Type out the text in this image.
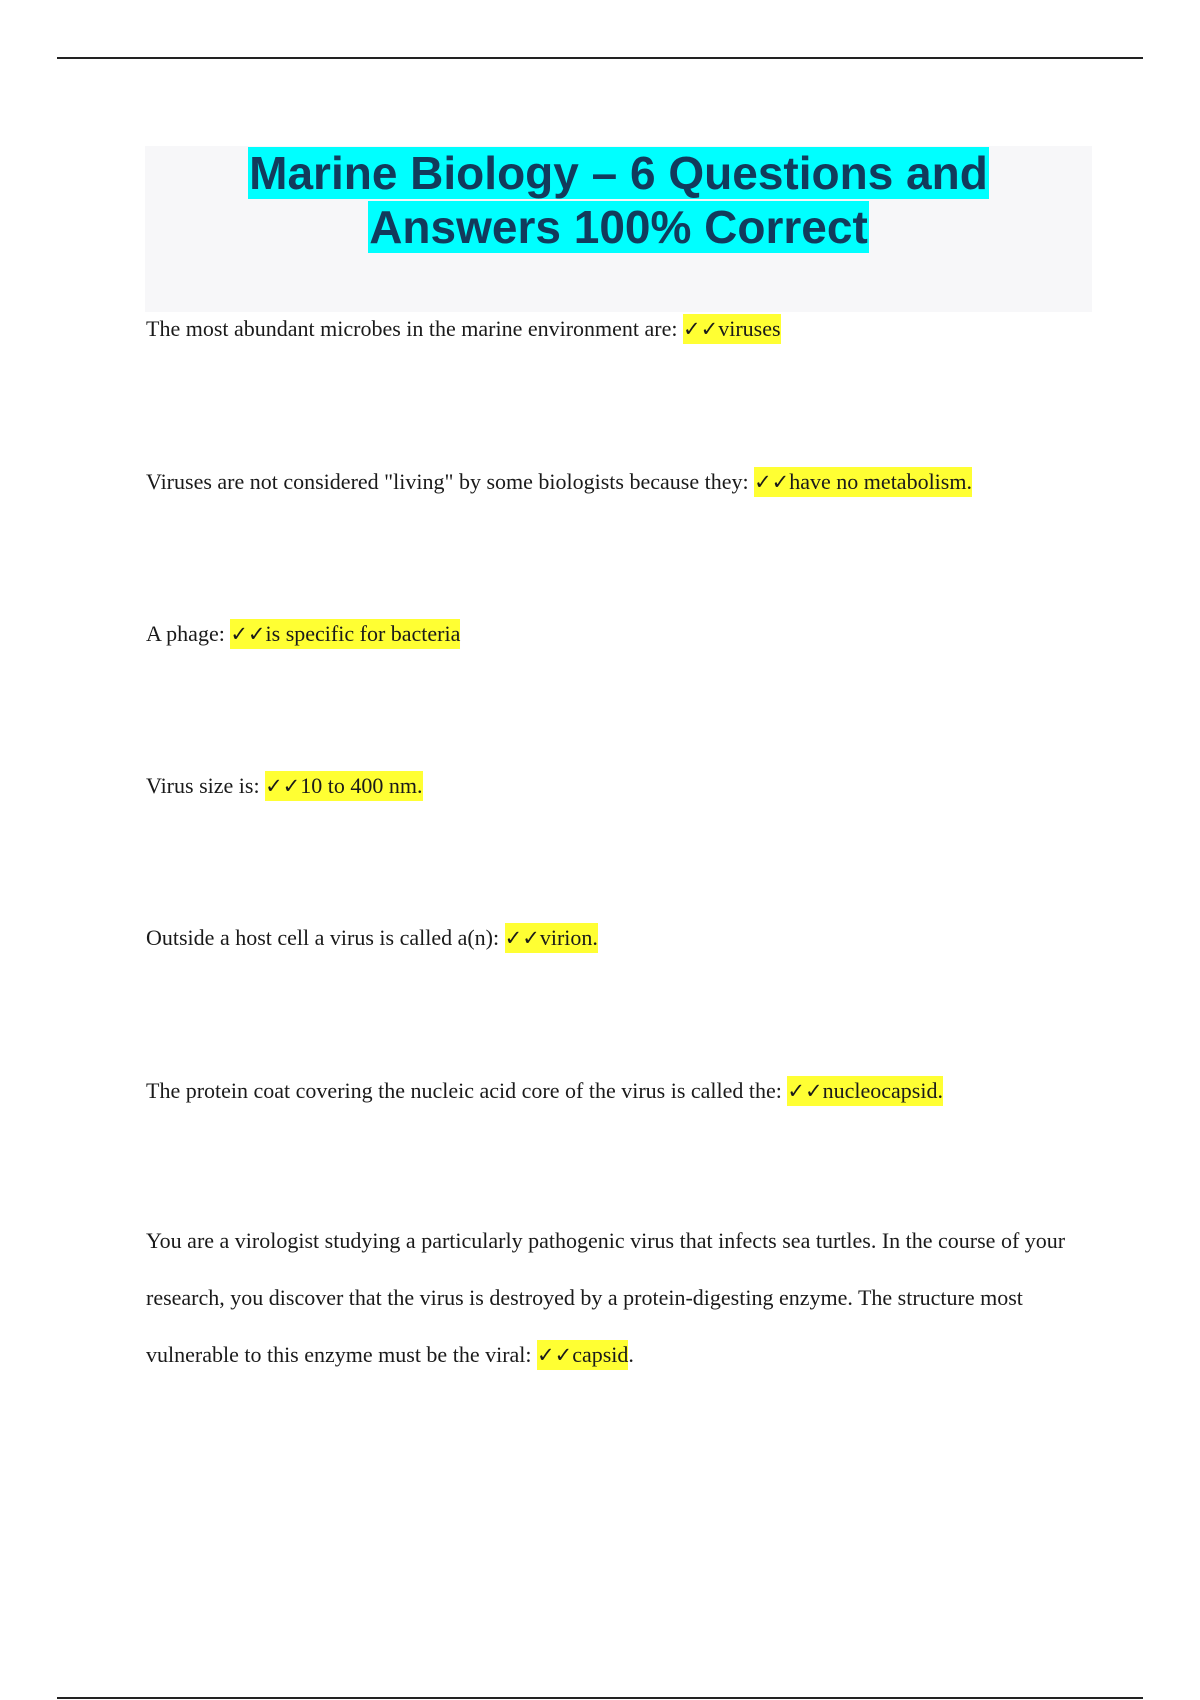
Marine Biology – 6 Questions and
Answers 100% Correct

The most abundant microbes in the marine environment are: ✓✓viruses

Viruses are not considered "living" by some biologists because they: ✓✓have no metabolism.

A phage: ✓✓is specific for bacteria

Virus size is: ✓✓10 to 400 nm.

Outside a host cell a virus is called a(n): ✓✓virion.

The protein coat covering the nucleic acid core of the virus is called the: ✓✓nucleocapsid.

You are a virologist studying a particularly pathogenic virus that infects sea turtles. In the course of your research, you discover that the virus is destroyed by a protein-digesting enzyme. The structure most vulnerable to this enzyme must be the viral: ✓✓capsid.
